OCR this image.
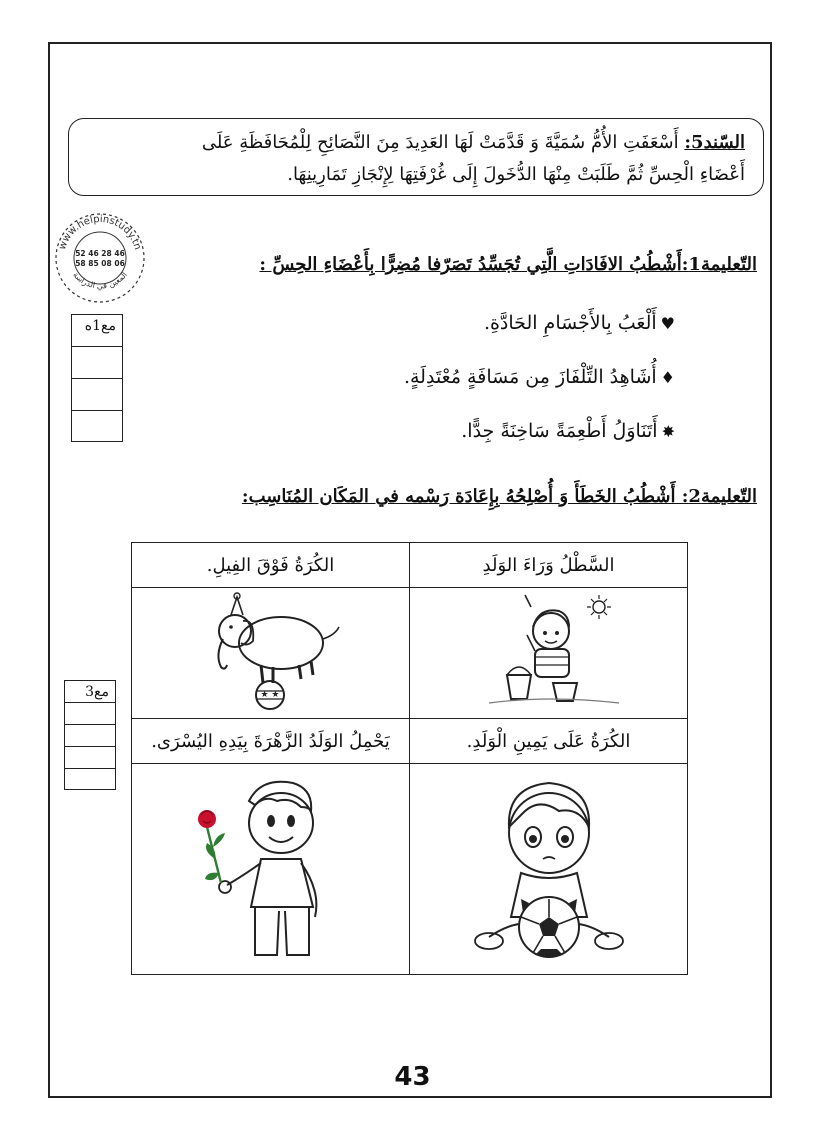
السّند5: أَسْعَفَتِ الأُمُّ سُمَيَّةَ وَ قَدَّمَتْ لَهَا العَدِيدَ مِنَ النَّصَائِحِ لِلْمُحَافَظَةِ عَلَى
أَعْضَاءِ الْحِسِّ ثُمَّ طَلَبَتْ مِنْهَا الدُّخَولَ إِلَى غُرْفَتِهَا لِإِنْجَازِ تَمَارِينِهَا.
www.helpinstudy.tn
52 46 28 46
58 85 08 06
المعين في الدراسة	التّعليمة1:أَشْطُبُ الافَادَاتِ الَّتِي تُجَسِّدُ تَصَرّفا مُضِرًّا بِأَعْضَاءِ الحِسِّ :
♥أَلْعَبُ بِالأَجْسَامِ الحَادَّةِ.
♦أُشَاهِدُ التِّلْفَازَ مِن مَسَافَةٍ مُعْتَدِلَةٍ.
✸أَتَنَاوَلُ أَطْعِمَةً سَاخِنَةً جِدًّا.
مع1ه
التّعليمة2: أَشْطُبُ الخَطَأَ وَ أُصْلِحُهُ بِإِعَادَة رَسْمه في المَكَان المُنَاسِب:
مع3
الكُرَةُ فَوْقَ الفِيلِ.	السَّطْلُ وَرَاءَ الوَلَدِ

★ ★

يَحْمِلُ الوَلَدُ الزَّهْرَةَ بِيَدِهِ اليُسْرَى.	الكُرَةُ عَلَى يَمِينِ الْوَلَدِ.

43
